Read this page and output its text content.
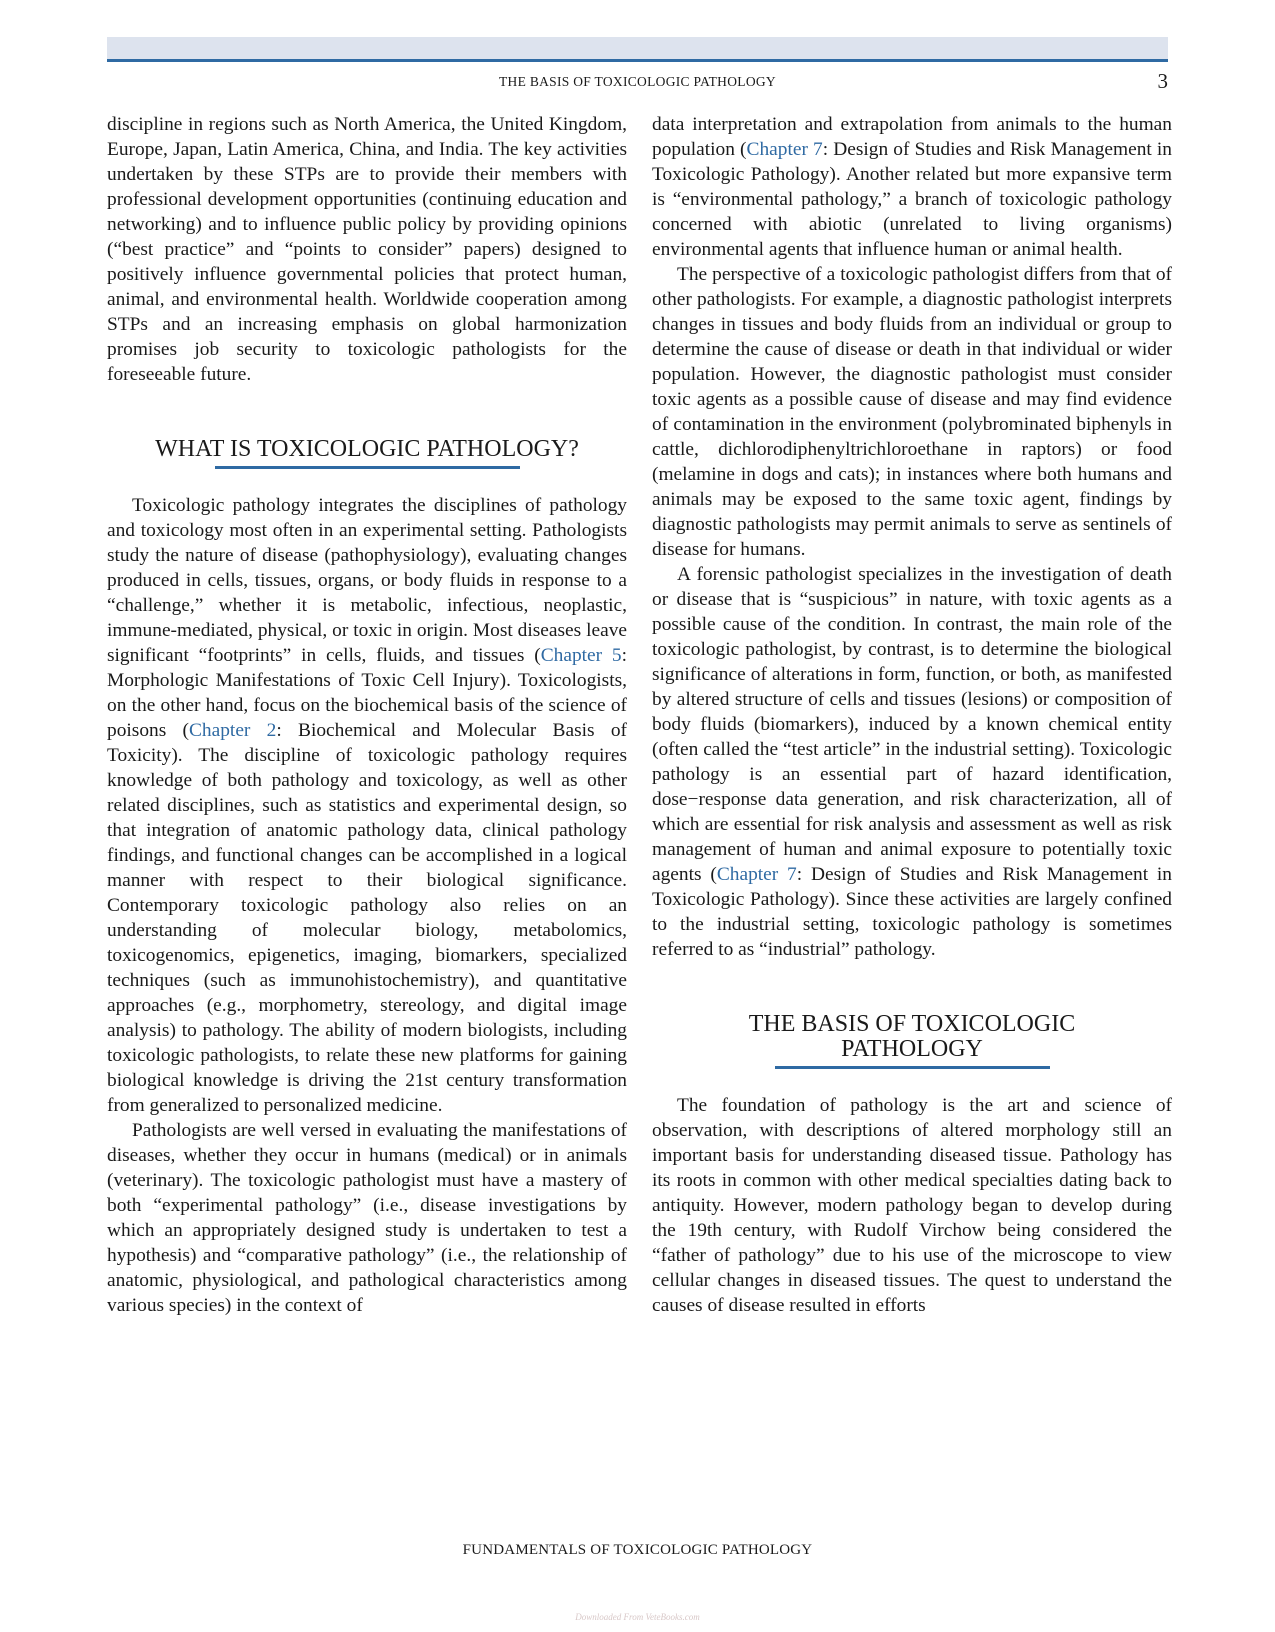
THE BASIS OF TOXICOLOGIC PATHOLOGY	3

discipline in regions such as North America, the United Kingdom, Europe, Japan, Latin America, China, and India. The key activities undertaken by these STPs are to provide their members with professional development opportunities (continuing education and networking) and to influence public policy by providing opinions (“best practice” and “points to consider” papers) designed to positively influence governmental policies that protect human, animal, and environmental health. Worldwide cooperation among STPs and an increasing emphasis on global harmonization promises job security to toxicologic pathologists for the foreseeable future.

WHAT IS TOXICOLOGIC PATHOLOGY?

Toxicologic pathology integrates the disciplines of pathology and toxicology most often in an experimental setting. Pathologists study the nature of disease (pathophysiology), evaluating changes produced in cells, tissues, organs, or body fluids in response to a “challenge,” whether it is metabolic, infectious, neoplastic, immune-mediated, physical, or toxic in origin. Most diseases leave significant “footprints” in cells, fluids, and tissues (Chapter 5: Morphologic Manifestations of Toxic Cell Injury). Toxicologists, on the other hand, focus on the biochemical basis of the science of poisons (Chapter 2: Biochemical and Molecular Basis of Toxicity). The discipline of toxicologic pathology requires knowledge of both pathology and toxicology, as well as other related disciplines, such as statistics and experimental design, so that integration of anatomic pathology data, clinical pathology findings, and functional changes can be accomplished in a logical manner with respect to their biological significance. Contemporary toxicologic pathology also relies on an understanding of molecular biology, metabolomics, toxicogenomics, epigenetics, imaging, biomarkers, specialized techniques (such as immunohistochemistry), and quantitative approaches (e.g., morphometry, stereology, and digital image analysis) to pathology. The ability of modern biologists, including toxicologic pathologists, to relate these new platforms for gaining biological knowledge is driving the 21st century transformation from generalized to personalized medicine.

Pathologists are well versed in evaluating the manifestations of diseases, whether they occur in humans (medical) or in animals (veterinary). The toxicologic pathologist must have a mastery of both “experimental pathology” (i.e., disease investigations by which an appropriately designed study is undertaken to test a hypothesis) and “comparative pathology” (i.e., the relationship of anatomic, physiological, and pathological characteristics among various species) in the context of

data interpretation and extrapolation from animals to the human population (Chapter 7: Design of Studies and Risk Management in Toxicologic Pathology). Another related but more expansive term is “environmental pathology,” a branch of toxicologic pathology concerned with abiotic (unrelated to living organisms) environmental agents that influence human or animal health.

The perspective of a toxicologic pathologist differs from that of other pathologists. For example, a diagnostic pathologist interprets changes in tissues and body fluids from an individual or group to determine the cause of disease or death in that individual or wider population. However, the diagnostic pathologist must consider toxic agents as a possible cause of disease and may find evidence of contamination in the environment (polybrominated biphenyls in cattle, dichlorodiphenyltrichloroethane in raptors) or food (melamine in dogs and cats); in instances where both humans and animals may be exposed to the same toxic agent, findings by diagnostic pathologists may permit animals to serve as sentinels of disease for humans.

A forensic pathologist specializes in the investigation of death or disease that is “suspicious” in nature, with toxic agents as a possible cause of the condition. In contrast, the main role of the toxicologic pathologist, by contrast, is to determine the biological significance of alterations in form, function, or both, as manifested by altered structure of cells and tissues (lesions) or composition of body fluids (biomarkers), induced by a known chemical entity (often called the “test article” in the industrial setting). Toxicologic pathology is an essential part of hazard identification, dose−response data generation, and risk characterization, all of which are essential for risk analysis and assessment as well as risk management of human and animal exposure to potentially toxic agents (Chapter 7: Design of Studies and Risk Management in Toxicologic Pathology). Since these activities are largely confined to the industrial setting, toxicologic pathology is sometimes referred to as “industrial” pathology.

THE BASIS OF TOXICOLOGIC
PATHOLOGY

The foundation of pathology is the art and science of observation, with descriptions of altered morphology still an important basis for understanding diseased tissue. Pathology has its roots in common with other medical specialties dating back to antiquity. However, modern pathology began to develop during the 19th century, with Rudolf Virchow being considered the “father of pathology” due to his use of the microscope to view cellular changes in diseased tissues. The quest to understand the causes of disease resulted in efforts

FUNDAMENTALS OF TOXICOLOGIC PATHOLOGY
Downloaded From VeteBooks.com
